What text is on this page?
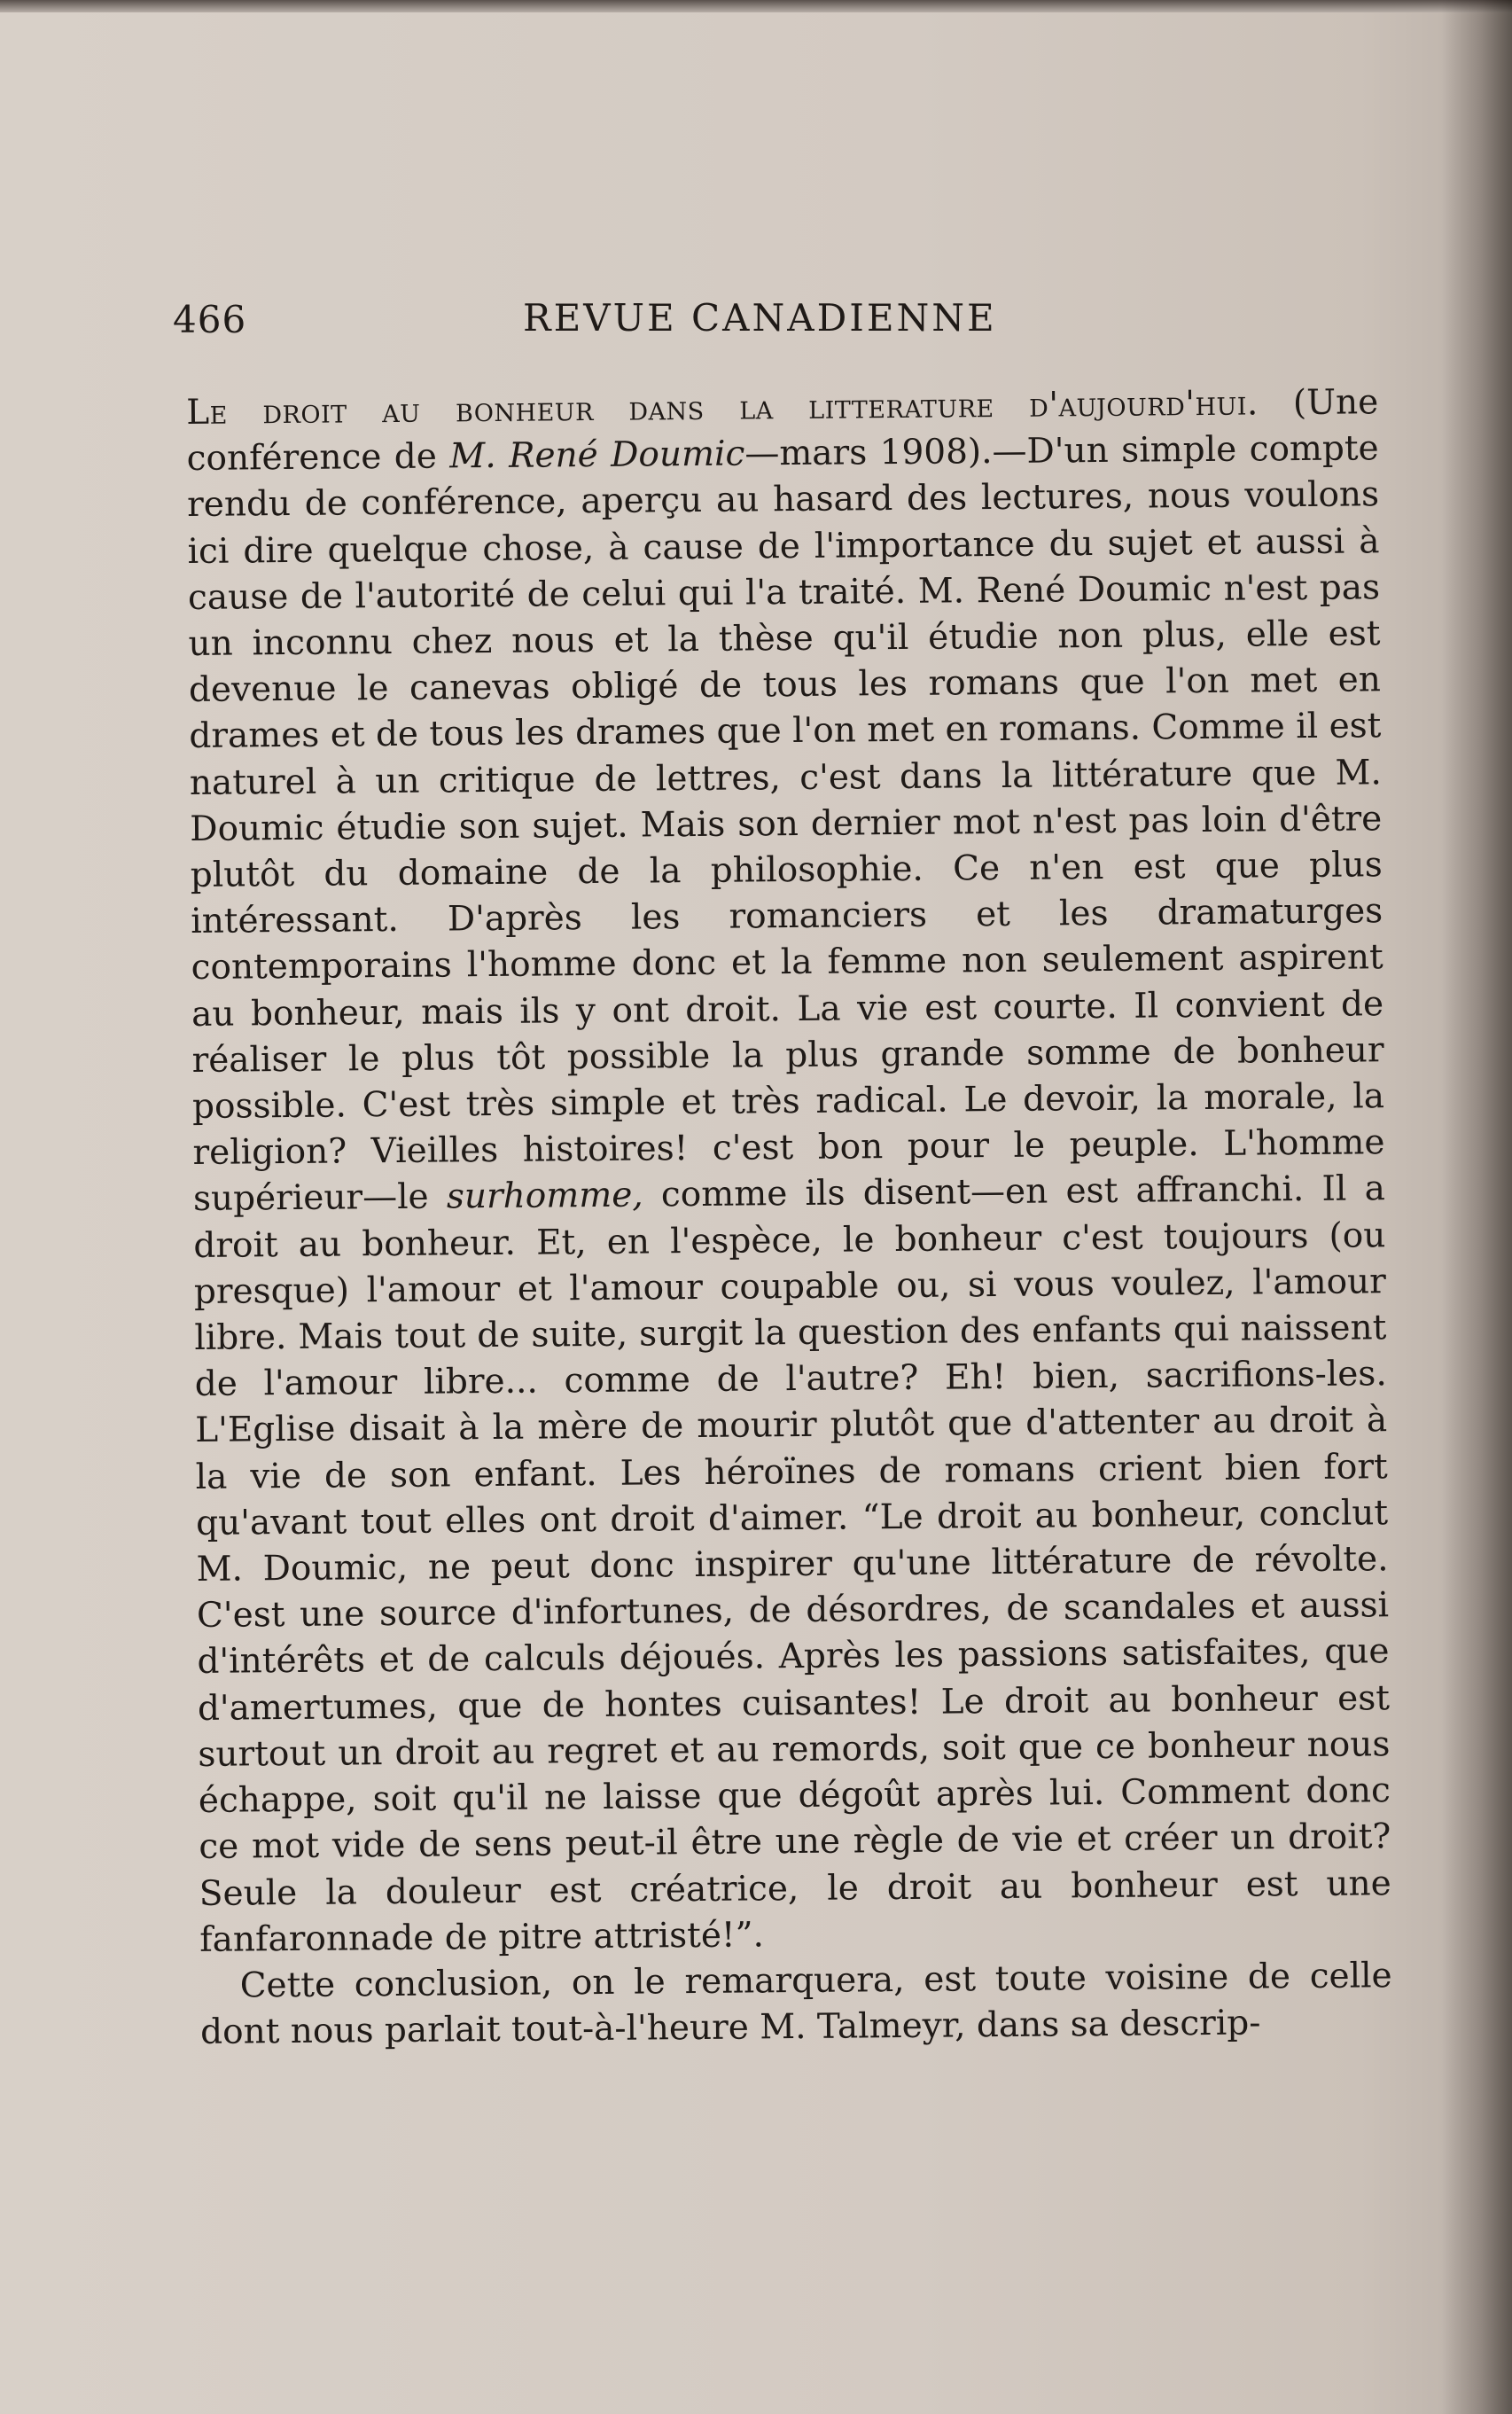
466	REVUE CANADIENNE

Le droit au bonheur dans la litterature d'aujourd'hui. (Une conférence de M. René Doumic—mars 1908).—D'un simple compte rendu de conférence, aperçu au hasard des lectures, nous voulons ici dire quelque chose, à cause de l'importance du sujet et aussi à cause de l'autorité de celui qui l'a traité. M. René Doumic n'est pas un inconnu chez nous et la thèse qu'il étudie non plus, elle est devenue le canevas obligé de tous les romans que l'on met en drames et de tous les drames que l'on met en romans. Comme il est naturel à un critique de lettres, c'est dans la littérature que M. Doumic étudie son sujet. Mais son dernier mot n'est pas loin d'être plutôt du domaine de la philosophie. Ce n'en est que plus intéressant. D'après les romanciers et les dramaturges contemporains l'homme donc et la femme non seulement aspirent au bonheur, mais ils y ont droit. La vie est courte. Il convient de réaliser le plus tôt possible la plus grande somme de bonheur possible. C'est très simple et très radical. Le devoir, la morale, la religion? Vieilles histoires! c'est bon pour le peuple. L'homme supérieur—le surhomme, comme ils disent—en est affranchi. Il a droit au bonheur. Et, en l'espèce, le bonheur c'est toujours (ou presque) l'amour et l'amour coupable ou, si vous voulez, l'amour libre. Mais tout de suite, surgit la question des enfants qui naissent de l'amour libre... comme de l'autre? Eh! bien, sacrifions-les. L'Eglise disait à la mère de mourir plutôt que d'attenter au droit à la vie de son enfant. Les héroïnes de romans crient bien fort qu'avant tout elles ont droit d'aimer. “Le droit au bonheur, conclut M. Doumic, ne peut donc inspirer qu'une littérature de révolte. C'est une source d'infortunes, de désordres, de scandales et aussi d'intérêts et de calculs déjoués. Après les passions satisfaites, que d'amertumes, que de hontes cuisantes! Le droit au bonheur est surtout un droit au regret et au remords, soit que ce bonheur nous échappe, soit qu'il ne laisse que dégoût après lui. Comment donc ce mot vide de sens peut-il être une règle de vie et créer un droit? Seule la douleur est créatrice, le droit au bonheur est une fanfaronnade de pitre attristé!”.

Cette conclusion, on le remarquera, est toute voisine de celle dont nous parlait tout-à-l'heure M. Talmeyr, dans sa descrip-
